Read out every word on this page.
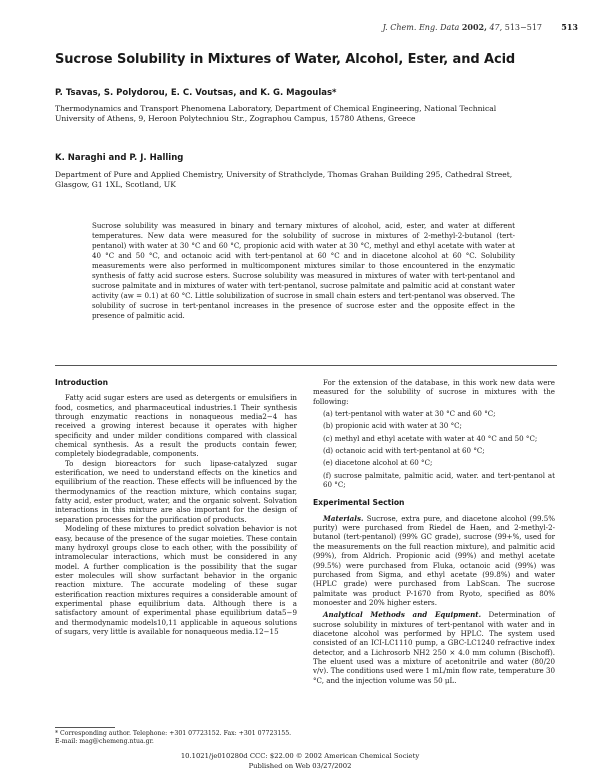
J. Chem. Eng. Data 2002, 47, 513−517 513
Sucrose Solubility in Mixtures of Water, Alcohol, Ester, and Acid
P. Tsavas, S. Polydorou, E. C. Voutsas, and K. G. Magoulas*
Thermodynamics and Transport Phenomena Laboratory, Department of Chemical Engineering, National Technical University of Athens, 9, Heroon Polytechniou Str., Zographou Campus, 15780 Athens, Greece
K. Naraghi and P. J. Halling
Department of Pure and Applied Chemistry, University of Strathclyde, Thomas Grahan Building 295, Cathedral Street, Glasgow, G1 1XL, Scotland, UK
Sucrose solubility was measured in binary and ternary mixtures of alcohol, acid, ester, and water at different temperatures. New data were measured for the solubility of sucrose in mixtures of 2-methyl-2-butanol (tert-pentanol) with water at 30 °C and 60 °C, propionic acid with water at 30 °C, methyl and ethyl acetate with water at 40 °C and 50 °C, and octanoic acid with tert-pentanol at 60 °C and in diacetone alcohol at 60 °C. Solubility measurements were also performed in multicomponent mixtures similar to those encountered in the enzymatic synthesis of fatty acid sucrose esters. Sucrose solubility was measured in mixtures of water with tert-pentanol and sucrose palmitate and in mixtures of water with tert-pentanol, sucrose palmitate and palmitic acid at constant water activity (aw = 0.1) at 60 °C. Little solubilization of sucrose in small chain esters and tert-pentanol was observed. The solubility of sucrose in tert-pentanol increases in the presence of sucrose ester and the opposite effect in the presence of palmitic acid.
Introduction

Fatty acid sugar esters are used as detergents or emulsifiers in food, cosmetics, and pharmaceutical industries.1 Their synthesis through enzymatic reactions in nonaqueous media2−4 has received a growing interest because it operates with higher specificity and under milder conditions compared with classical chemical synthesis. As a result the products contain fewer, completely biodegradable, components.

To design bioreactors for such lipase-catalyzed sugar esterification, we need to understand effects on the kinetics and equilibrium of the reaction. These effects will be influenced by the thermodynamics of the reaction mixture, which contains sugar, fatty acid, ester product, water, and the organic solvent. Solvation interactions in this mixture are also important for the design of separation processes for the purification of products.

Modeling of these mixtures to predict solvation behavior is not easy, because of the presence of the sugar moieties. These contain many hydroxyl groups close to each other, with the possibility of intramolecular interactions, which must be considered in any model. A further complication is the possibility that the sugar ester molecules will show surfactant behavior in the organic reaction mixture. The accurate modeling of these sugar esterification reaction mixtures requires a considerable amount of experimental phase equilibrium data. Although there is a satisfactory amount of experimental phase equilibrium data5−9 and thermodynamic models10,11 applicable in aqueous solutions of sugars, very little is available for nonaqueous media.12−15

* Corresponding author. Telephone: +301 07723152. Fax: +301 07723155. E-mail: mag@chemeng.ntua.gr.

For the extension of the database, in this work new data were measured for the solubility of sucrose in mixtures with the following:

(a) tert-pentanol with water at 30 °C and 60 °C;

(b) propionic acid with water at 30 °C;

(c) methyl and ethyl acetate with water at 40 °C and 50 °C;

(d) octanoic acid with tert-pentanol at 60 °C;

(e) diacetone alcohol at 60 °C;

(f) sucrose palmitate, palmitic acid, water. and tert-pentanol at 60 °C;

Experimental Section

Materials. Sucrose, extra pure, and diacetone alcohol (99.5% purity) were purchased from Riedel de Haen, and 2-methyl-2-butanol (tert-pentanol) (99% GC grade), sucrose (99+%, used for the measurements on the full reaction mixture), and palmitic acid (99%), from Aldrich. Propionic acid (99%) and methyl acetate (99.5%) were purchased from Fluka, octanoic acid (99%) was purchased from Sigma, and ethyl acetate (99.8%) and water (HPLC grade) were purchased from LabScan. The sucrose palmitate was product P-1670 from Ryoto, specified as 80% monoester and 20% higher esters.

Analytical Methods and Equipment. Determination of sucrose solubility in mixtures of tert-pentanol with water and in diacetone alcohol was performed by HPLC. The system used consisted of an ICI-LC1110 pump, a GBC-LC1240 refractive index detector, and a Lichrosorb NH2 250 × 4.0 mm column (Bischoff). The eluent used was a mixture of acetonitrile and water (80/20 v/v). The conditions used were 1 mL/min flow rate, temperature 30 °C, and the injection volume was 50 μL.

10.1021/je010280d CCC: $22.00 © 2002 American Chemical Society
Published on Web 03/27/2002
